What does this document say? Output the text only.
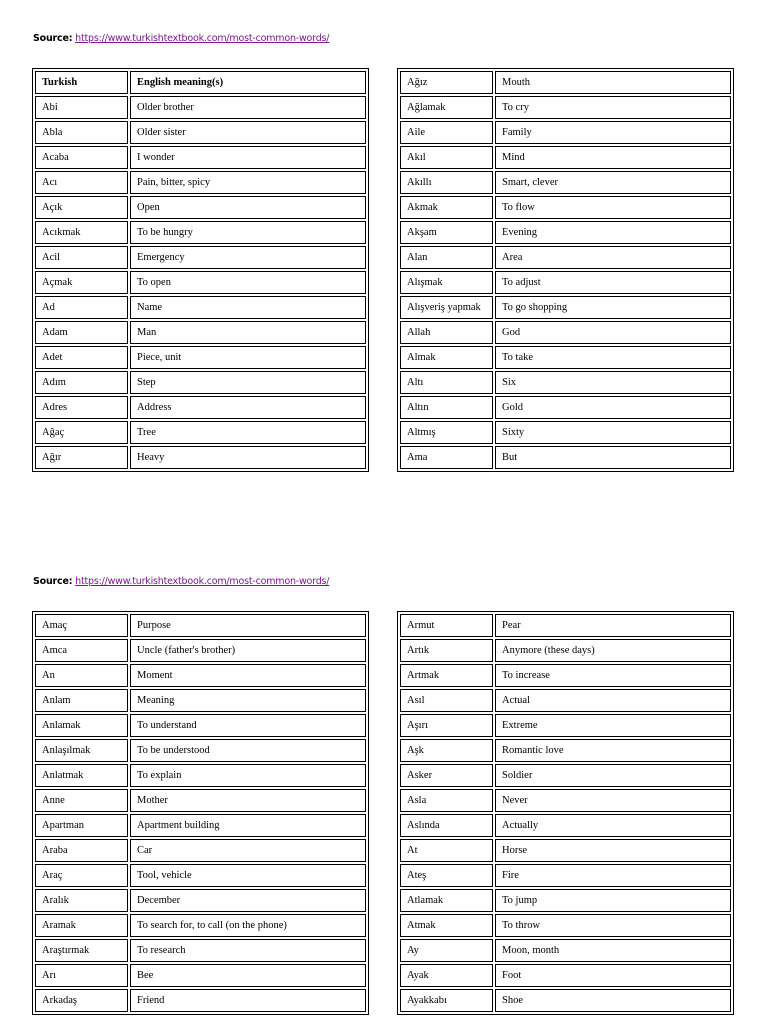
Source: https://www.turkishtextbook.com/most-common-words/
Turkish	English meaning(s)
Abi	Older brother
Abla	Older sister
Acaba	I wonder
Acı	Pain, bitter, spicy
Açık	Open
Acıkmak	To be hungry
Acil	Emergency
Açmak	To open
Ad	Name
Adam	Man
Adet	Piece, unit
Adım	Step
Adres	Address
Ağaç	Tree
Ağır	Heavy
Ağız	Mouth
Ağlamak	To cry
Aile	Family
Akıl	Mind
Akıllı	Smart, clever
Akmak	To flow
Akşam	Evening
Alan	Area
Alışmak	To adjust
Alışveriş yapmak	To go shopping
Allah	God
Almak	To take
Altı	Six
Altın	Gold
Altmış	Sixty
Ama	But
Source: https://www.turkishtextbook.com/most-common-words/
Amaç	Purpose
Amca	Uncle (father's brother)
An	Moment
Anlam	Meaning
Anlamak	To understand
Anlaşılmak	To be understood
Anlatmak	To explain
Anne	Mother
Apartman	Apartment building
Araba	Car
Araç	Tool, vehicle
Aralık	December
Aramak	To search for, to call (on the phone)
Araştırmak	To research
Arı	Bee
Arkadaş	Friend
Armut	Pear
Artık	Anymore (these days)
Artmak	To increase
Asıl	Actual
Aşırı	Extreme
Aşk	Romantic love
Asker	Soldier
Asla	Never
Aslında	Actually
At	Horse
Ateş	Fire
Atlamak	To jump
Atmak	To throw
Ay	Moon, month
Ayak	Foot
Ayakkabı	Shoe
